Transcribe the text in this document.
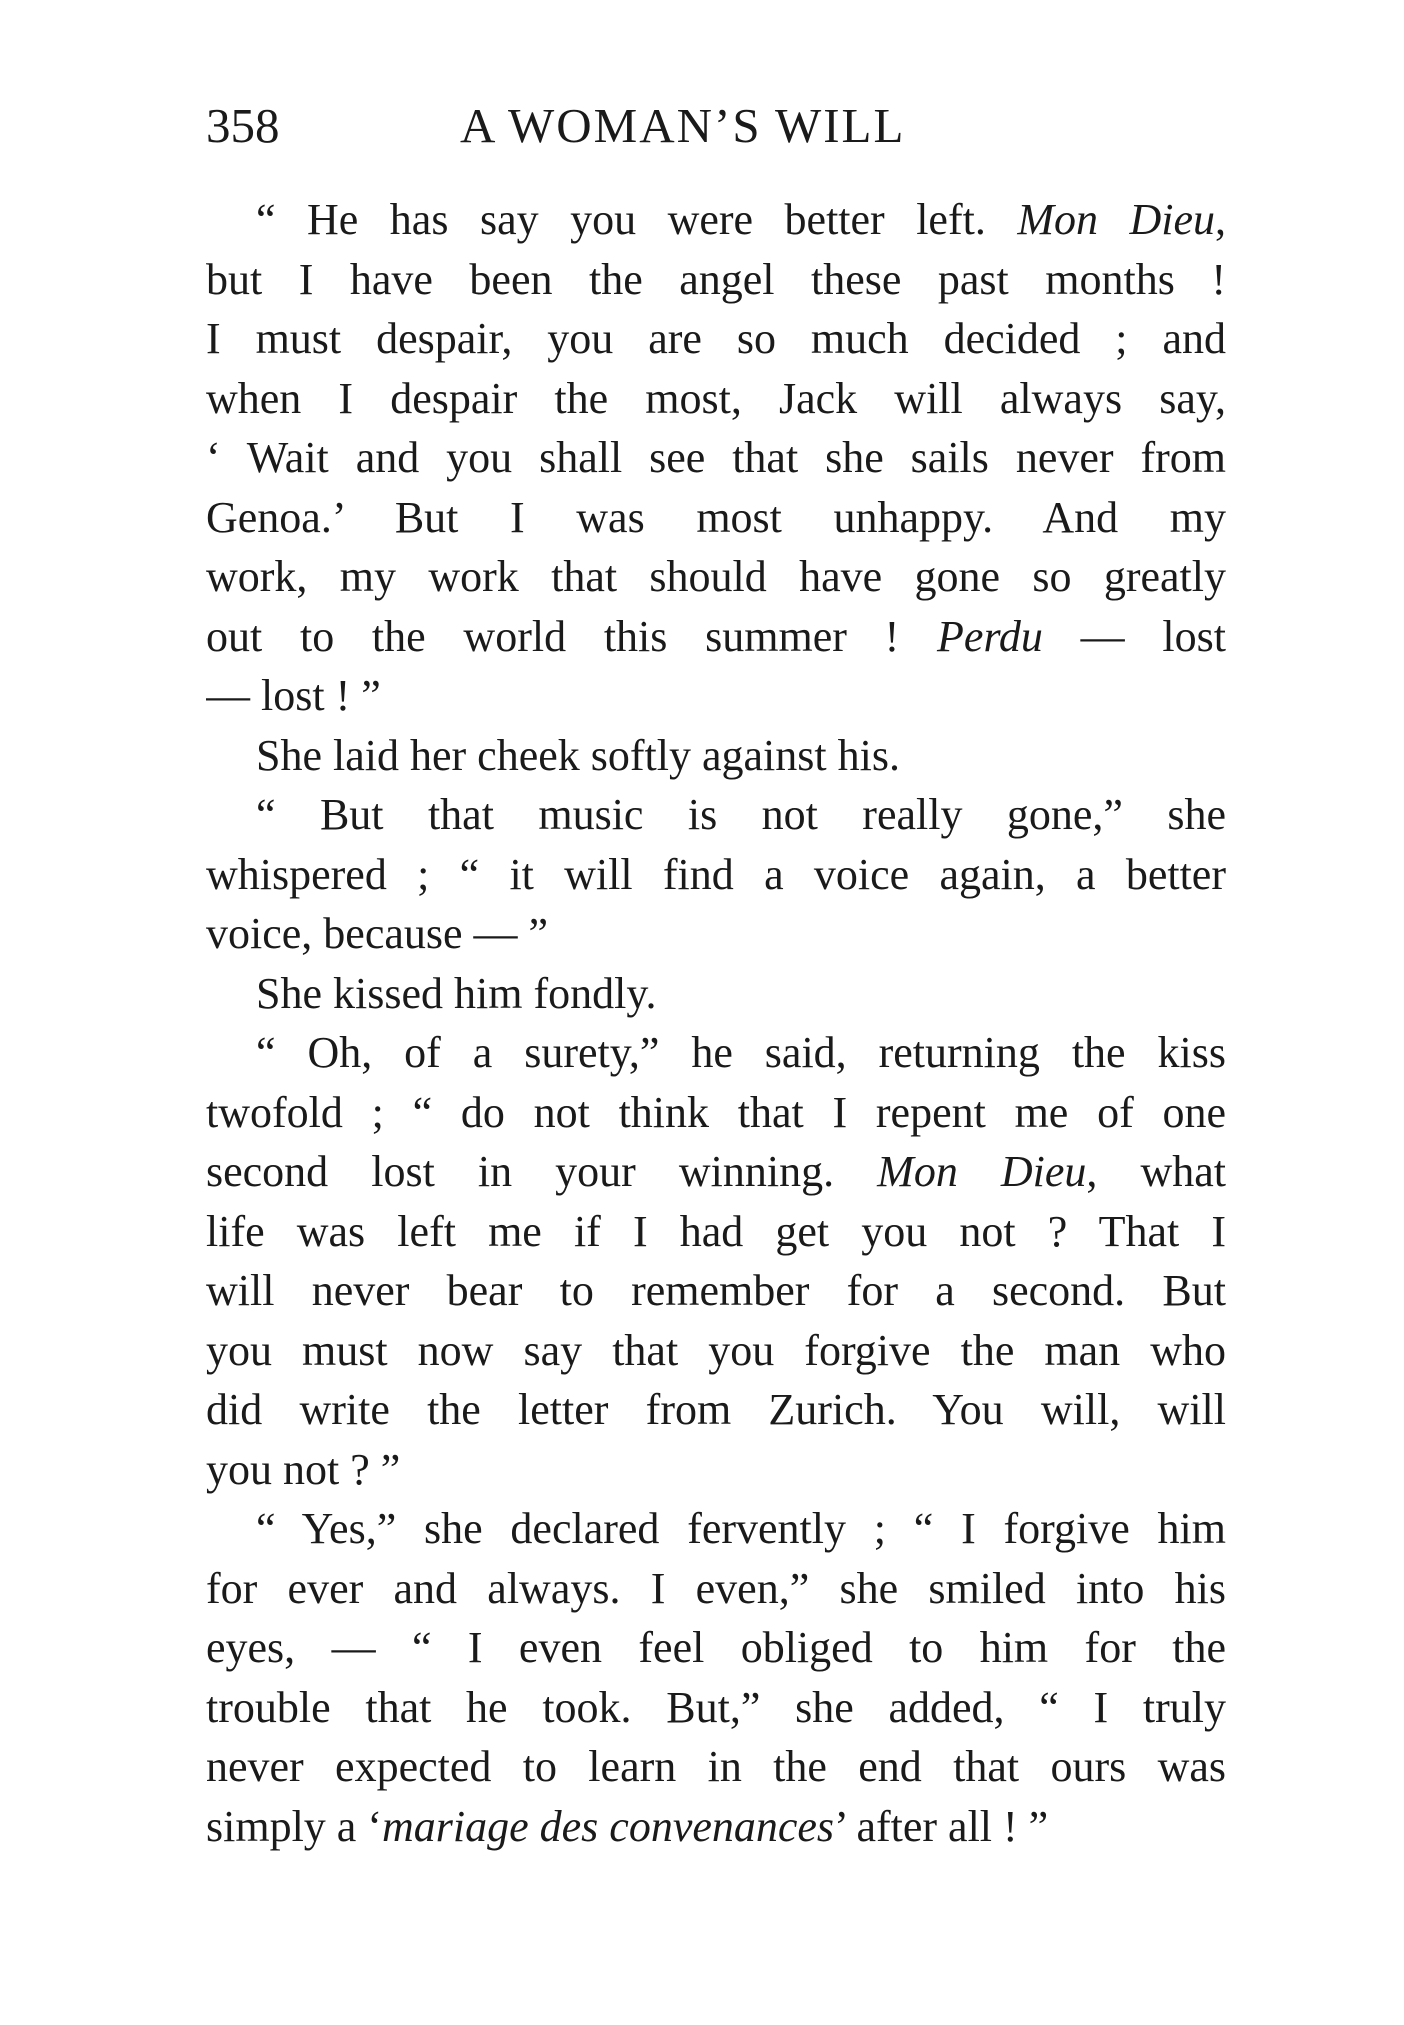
358	A WOMAN’S WILL
“ He has say you were better left. Mon Dieu,
but I have been the angel these past months !
I must despair, you are so much decided ; and
when I despair the most, Jack will always say,
‘ Wait and you shall see that she sails never from
Genoa.’ But I was most unhappy. And my
work, my work that should have gone so greatly
out to the world this summer ! Perdu — lost
— lost ! ”
She laid her cheek softly against his.
“ But that music is not really gone,” she
whispered ; “ it will find a voice again, a better
voice, because — ”
She kissed him fondly.
“ Oh, of a surety,” he said, returning the kiss
twofold ; “ do not think that I repent me of one
second lost in your winning. Mon Dieu, what
life was left me if I had get you not ? That I
will never bear to remember for a second. But
you must now say that you forgive the man who
did write the letter from Zurich. You will, will
you not ? ”
“ Yes,” she declared fervently ; “ I forgive him
for ever and always. I even,” she smiled into his
eyes, — “ I even feel obliged to him for the
trouble that he took. But,” she added, “ I truly
never expected to learn in the end that ours was
simply a ‘mariage des convenances’ after all ! ”
